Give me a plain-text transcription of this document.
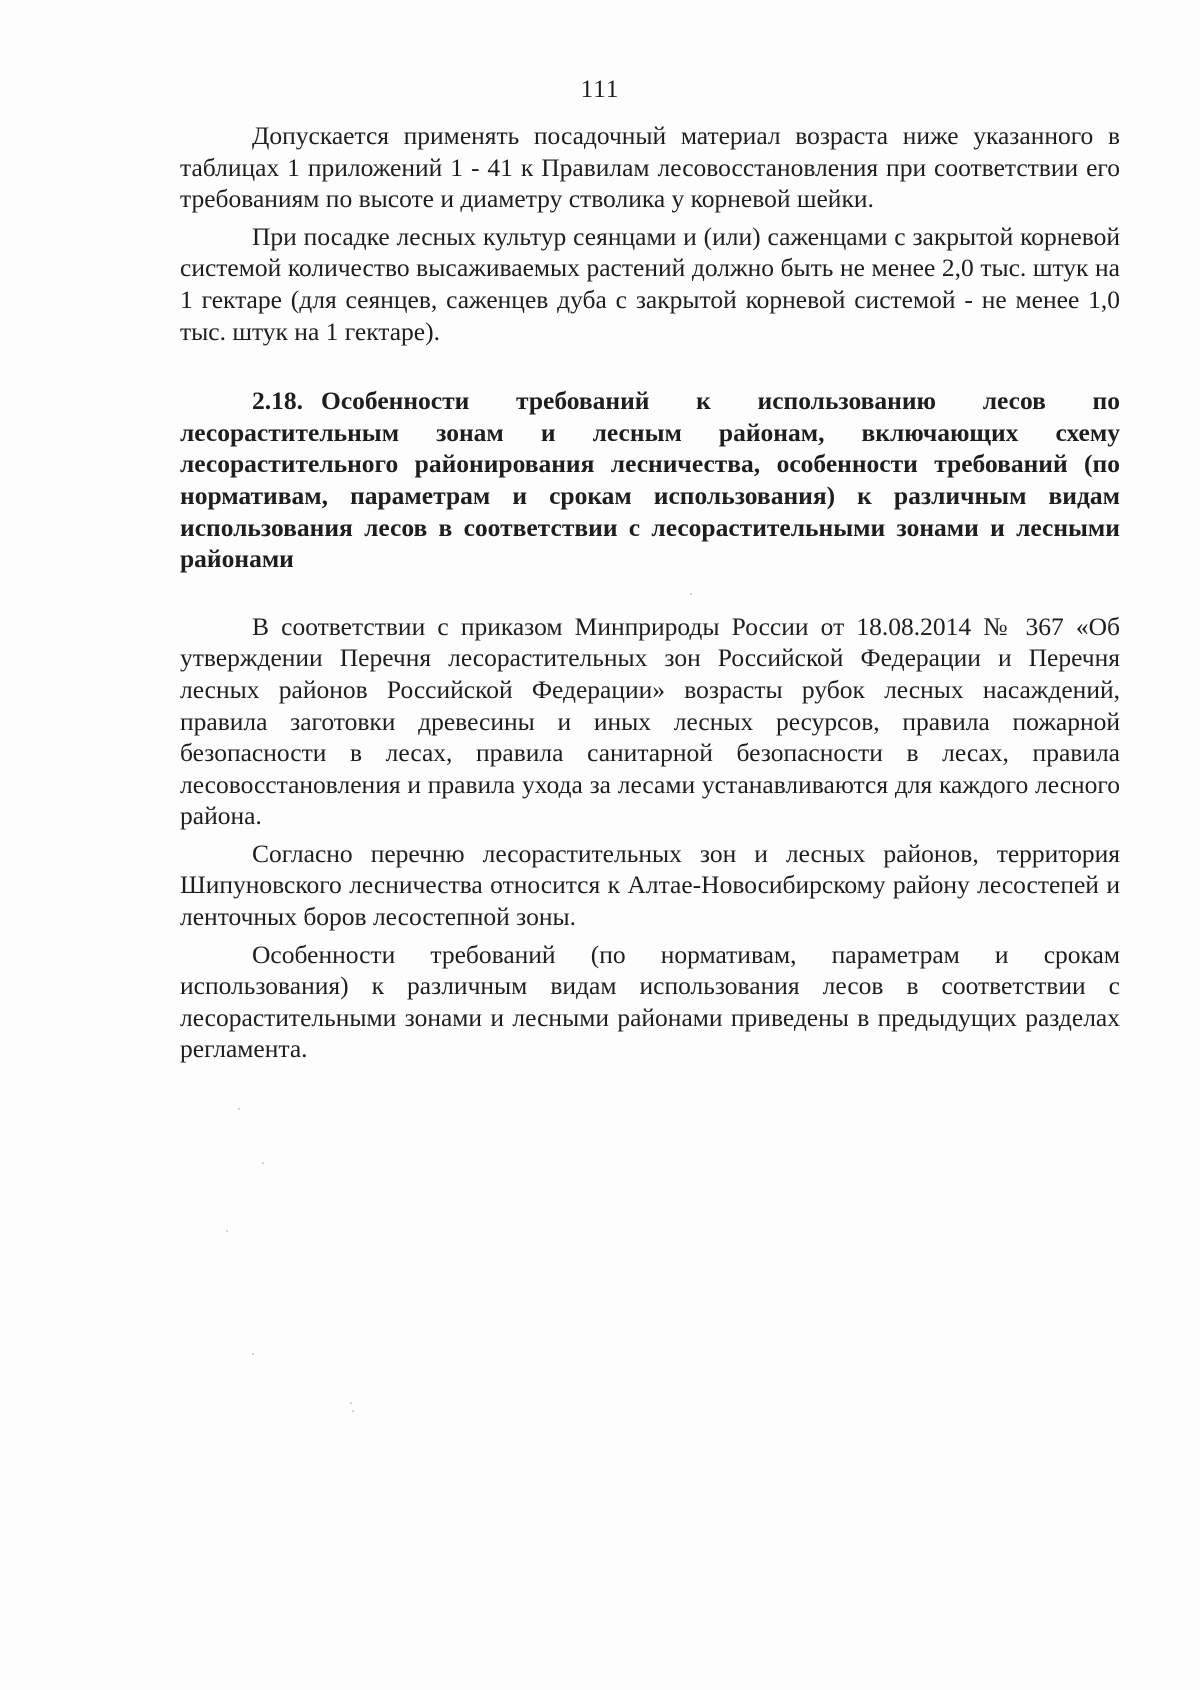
111

Допускается применять посадочный материал возраста ниже указанного в таблицах 1 приложений 1 - 41 к Правилам лесовосстановления при соответствии его требованиям по высоте и диаметру стволика у корневой шейки.

При посадке лесных культур сеянцами и (или) саженцами с закрытой корневой системой количество высаживаемых растений должно быть не менее 2,0 тыс. штук на 1 гектаре (для сеянцев, саженцев дуба с закрытой корневой системой - не менее 1,0 тыс. штук на 1 гектаре).

2.18. Особенности требований к использованию лесов по лесорастительным зонам и лесным районам, включающих схему лесорастительного районирования лесничества, особенности требований (по нормативам, параметрам и срокам использования) к различным видам использования лесов в соответствии с лесорастительными зонами и лесными районами

В соответствии с приказом Минприроды России от 18.08.2014 № 367 «Об утверждении Перечня лесорастительных зон Российской Федерации и Перечня лесных районов Российской Федерации» возрасты рубок лесных насаждений, правила заготовки древесины и иных лесных ресурсов, правила пожарной безопасности в лесах, правила санитарной безопасности в лесах, правила лесовосстановления и правила ухода за лесами устанавливаются для каждого лесного района.

Согласно перечню лесорастительных зон и лесных районов, территория Шипуновского лесничества относится к Алтае-Новосибирскому району лесостепей и ленточных боров лесостепной зоны.

Особенности требований (по нормативам, параметрам и срокам использования) к различным видам использования лесов в соответствии с лесорастительными зонами и лесными районами приведены в предыдущих разделах регламента.
